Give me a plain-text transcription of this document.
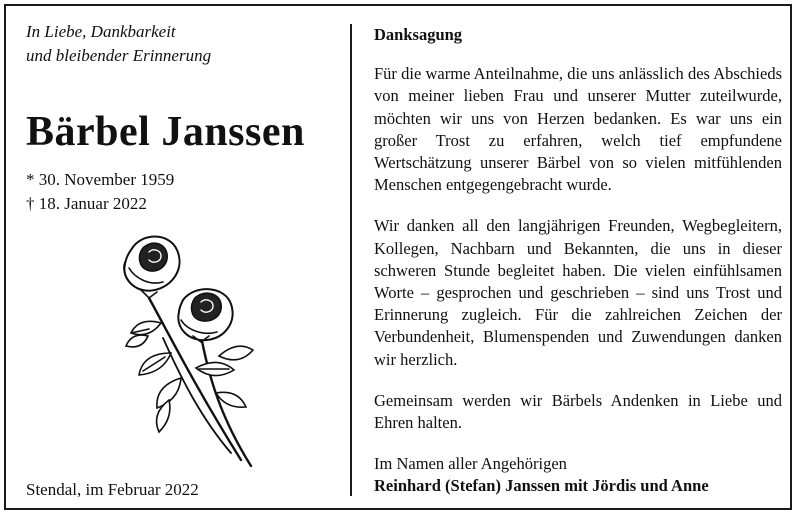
In Liebe, Dankbarkeit
und bleibender Erinnerung

Bärbel Janssen

* 30. November 1959
† 18. Januar 2022

Stendal, im Februar 2022

Danksagung

Für die warme Anteilnahme, die uns anlässlich des Abschieds von meiner lieben Frau und unserer Mutter zuteilwurde, möchten wir uns von Herzen bedanken. Es war uns ein großer Trost zu erfahren, welch tief empfundene Wertschätzung unserer Bärbel von so vielen mitfühlenden Menschen entgegengebracht wurde.

Wir danken all den langjährigen Freunden, Wegbegleitern, Kollegen, Nachbarn und Bekannten, die uns in dieser schweren Stunde begleitet haben. Die vielen einfühlsamen Worte – gesprochen und geschrieben – sind uns Trost und Erinnerung zugleich. Für die zahlreichen Zeichen der Verbundenheit, Blumenspenden und Zuwendungen danken wir herzlich.

Gemeinsam werden wir Bärbels Andenken in Liebe und Ehren halten.

Im Namen aller Angehörigen

Reinhard (Stefan) Janssen mit Jördis und Anne
